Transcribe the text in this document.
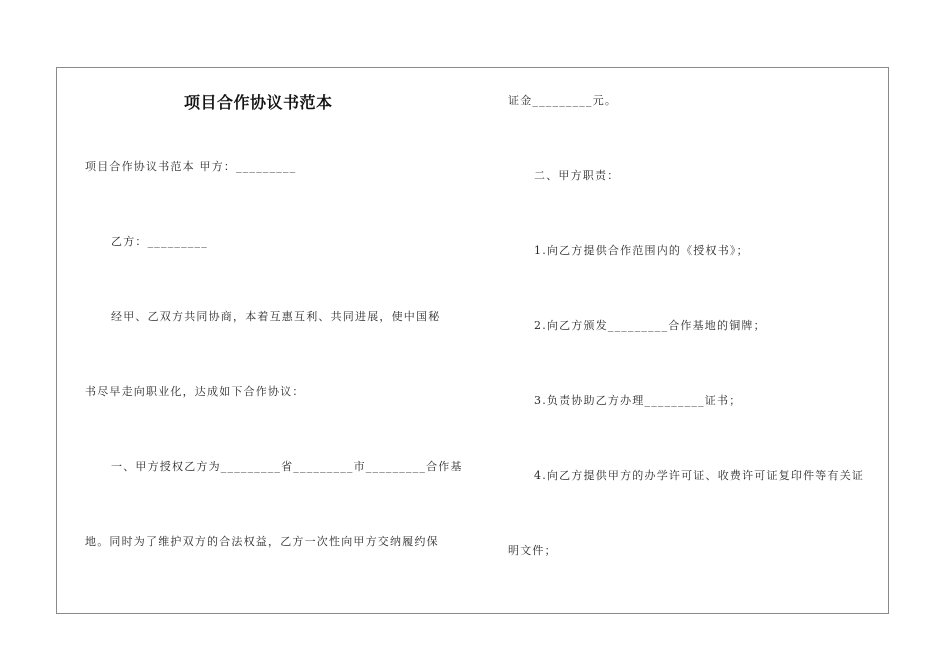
项目合作协议书范本
项目合作协议书范本 甲方：_________
乙方：_________
经甲、乙双方共同协商，本着互惠互利、共同进展，使中国秘
书尽早走向职业化，达成如下合作协议：
一、甲方授权乙方为_________省_________市_________合作基
地。同时为了维护双方的合法权益，乙方一次性向甲方交纳履约保
证金_________元。
二、甲方职责：
1.向乙方提供合作范围内的《授权书》；
2.向乙方颁发_________合作基地的铜牌；
3.负责协助乙方办理_________证书；
4.向乙方提供甲方的办学许可证、收费许可证复印件等有关证
明文件；
